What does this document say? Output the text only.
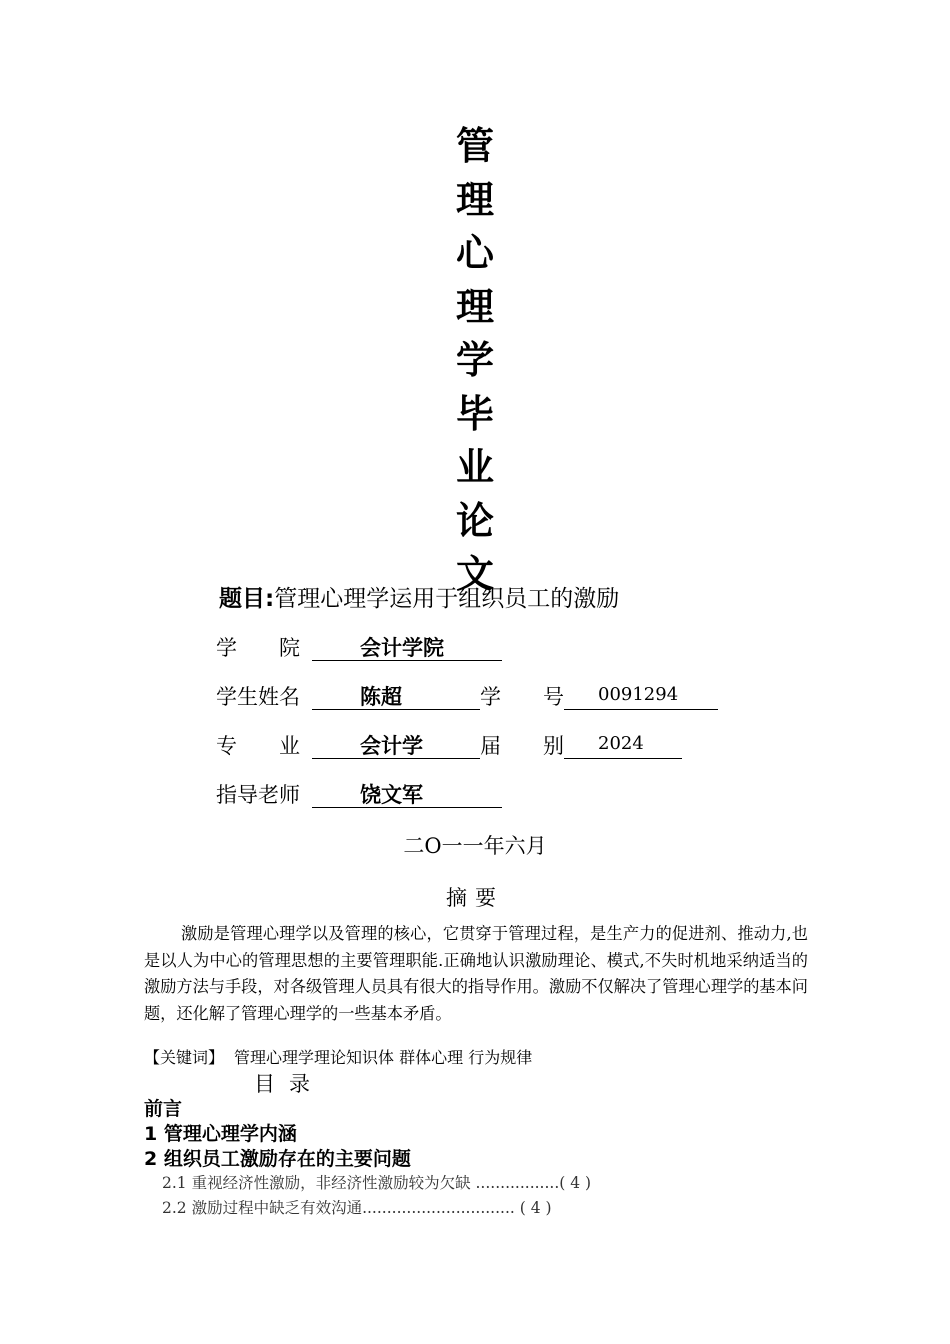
管
理
心
理
学
毕
业
论
文
题目:管理心理学运用于组织员工的激励
学　　院	会计学院
学生姓名	陈超	学　　号 0091294
专　　业	会计学	届　　别 2024
指导老师	饶文军
二O一一年六月
摘要
激励是管理心理学以及管理的核心，它贯穿于管理过程，是生产力的促进剂、推动力,也是以人为中心的管理思想的主要管理职能.正确地认识激励理论、模式,不失时机地采纳适当的激励方法与手段，对各级管理人员具有很大的指导作用。激励不仅解决了管理心理学的基本问题，还化解了管理心理学的一些基本矛盾。
【关键词】 管理心理学理论知识体 群体心理 行为规律
目录
前言
1 管理心理学内涵
2 组织员工激励存在的主要问题
2.1 重视经济性激励，非经济性激励较为欠缺 .................( 4 )
2.2 激励过程中缺乏有效沟通............................... ( 4 )
